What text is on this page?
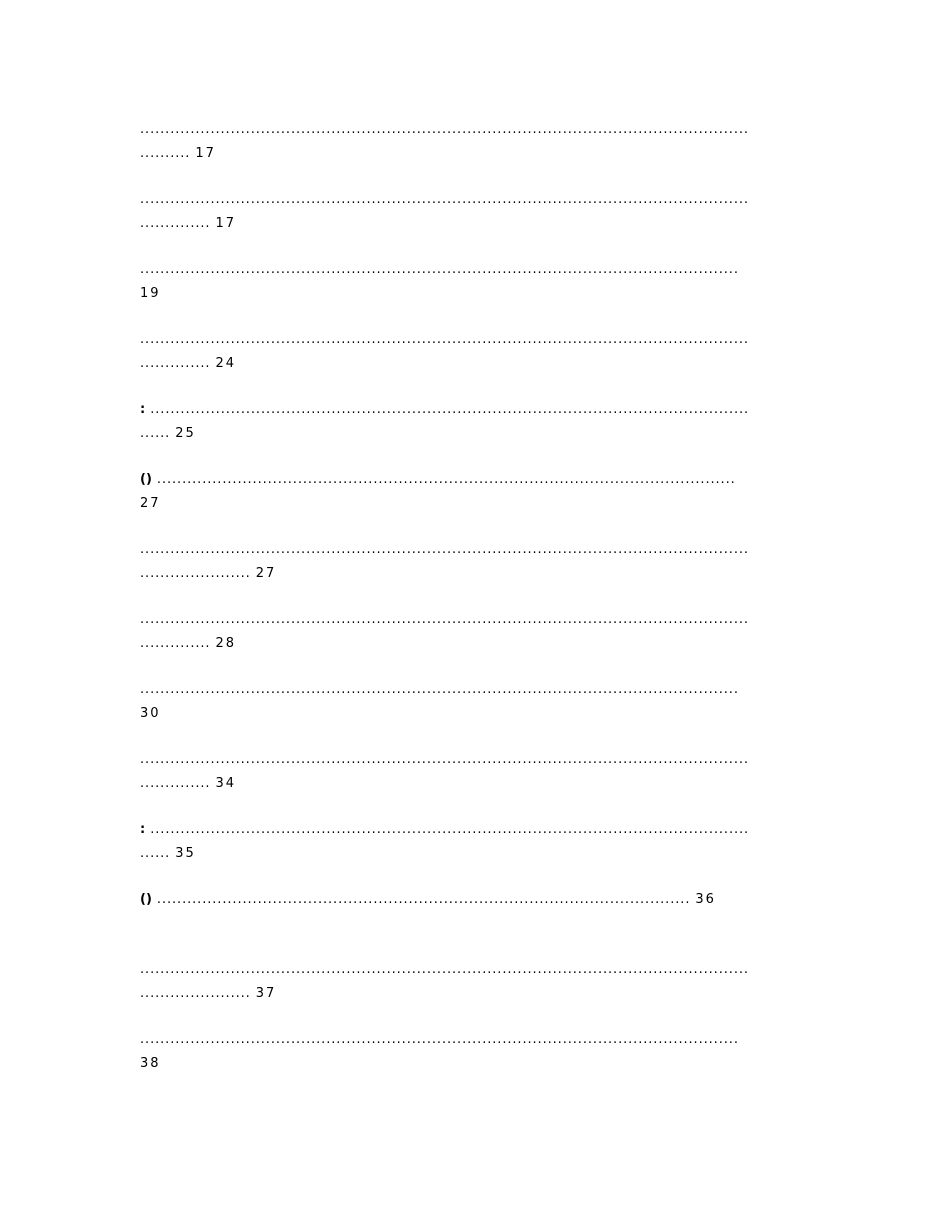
.........................................................................................................................
.......... 17
.........................................................................................................................
.............. 17
.......................................................................................................................
19
.........................................................................................................................
.............. 24
: .......................................................................................................................
...... 25
() ...................................................................................................................
27
.........................................................................................................................
...................... 27
.........................................................................................................................
.............. 28
.......................................................................................................................
30
.........................................................................................................................
.............. 34
: .......................................................................................................................
...... 35
() .......................................................................................................... 36
.........................................................................................................................
...................... 37
.......................................................................................................................
38
